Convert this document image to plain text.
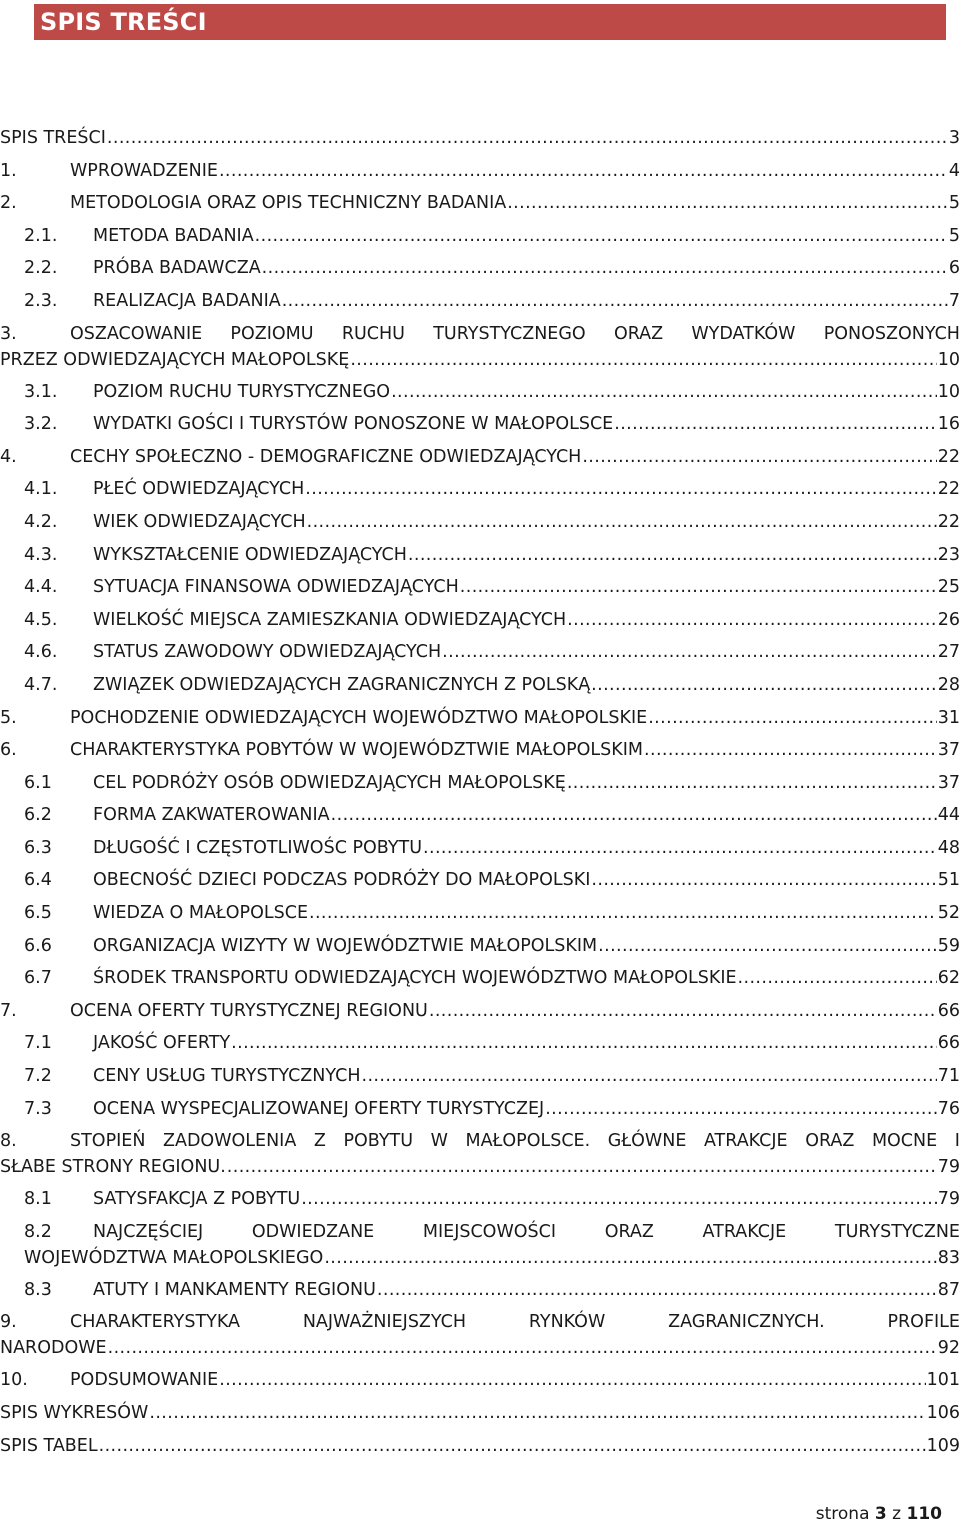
SPIS TREŚCI
SPIS TREŚCI .....	3
1.	WPROWADZENIE .....	4
2.	METODOLOGIA ORAZ OPIS TECHNICZNY BADANIA .....	5
2.1. METODA BADANIA .....	5
2.2. PRÓBA BADAWCZA .....	6
2.3. REALIZACJA BADANIA .....	7
3.	OSZACOWANIE POZIOMU RUCHU TURYSTYCZNEGO ORAZ WYDATKÓW PONOSZONYCH
PRZEZ ODWIEDZAJĄCYCH MAŁOPOLSKĘ .....	10
3.1. POZIOM RUCHU TURYSTYCZNEGO .....	10
3.2. WYDATKI GOŚCI I TURYSTÓW PONOSZONE W MAŁOPOLSCE .....	16
4.	CECHY SPOŁECZNO - DEMOGRAFICZNE ODWIEDZAJĄCYCH .....	22
4.1. PŁEĆ ODWIEDZAJĄCYCH .....	22
4.2. WIEK ODWIEDZAJĄCYCH .....	22
4.3. WYKSZTAŁCENIE ODWIEDZAJĄCYCH .....	23
4.4. SYTUACJA FINANSOWA ODWIEDZAJĄCYCH .....	25
4.5. WIELKOŚĆ MIEJSCA ZAMIESZKANIA ODWIEDZAJĄCYCH .....	26
4.6. STATUS ZAWODOWY ODWIEDZAJĄCYCH .....	27
4.7. ZWIĄZEK ODWIEDZAJĄCYCH ZAGRANICZNYCH Z POLSKĄ .....	28
5.	POCHODZENIE ODWIEDZAJĄCYCH WOJEWÓDZTWO MAŁOPOLSKIE .....	31
6.	CHARAKTERYSTYKA POBYTÓW W WOJEWÓDZTWIE MAŁOPOLSKIM .....	37
6.1 CEL PODRÓŻY OSÓB ODWIEDZAJĄCYCH MAŁOPOLSKĘ .....	37
6.2 FORMA ZAKWATEROWANIA .....	44
6.3 DŁUGOŚĆ I CZĘSTOTLIWOŚC POBYTU .....	48
6.4 OBECNOŚĆ DZIECI PODCZAS PODRÓŻY DO MAŁOPOLSKI .....	51
6.5 WIEDZA O MAŁOPOLSCE .....	52
6.6 ORGANIZACJA WIZYTY W WOJEWÓDZTWIE MAŁOPOLSKIM .....	59
6.7 ŚRODEK TRANSPORTU ODWIEDZAJĄCYCH WOJEWÓDZTWO MAŁOPOLSKIE .....	62
7.	OCENA OFERTY TURYSTYCZNEJ REGIONU .....	66
7.1 JAKOŚĆ OFERTY .....	66
7.2 CENY USŁUG TURYSTYCZNYCH .....	71
7.3 OCENA WYSPECJALIZOWANEJ OFERTY TURYSTYCZEJ .....	76
8.	STOPIEŃ ZADOWOLENIA Z POBYTU W MAŁOPOLSCE. GŁÓWNE ATRAKCJE ORAZ MOCNE I
SŁABE STRONY REGIONU. .....	79
8.1 SATYSFAKCJA Z POBYTU .....	79
8.2 NAJCZĘŚCIEJ	ODWIEDZANE	MIEJSCOWOŚCI	ORAZ	ATRAKCJE	TURYSTYCZNE
WOJEWÓDZTWA MAŁOPOLSKIEGO .....	83
8.3 ATUTY I MANKAMENTY REGIONU .....	87
9.	CHARAKTERYSTYKA	NAJWAŻNIEJSZYCH	RYNKÓW	ZAGRANICZNYCH.	PROFILE
NARODOWE .....	92
10. PODSUMOWANIE .....	101
SPIS WYKRESÓW .....	106
SPIS TABEL .....	109
strona 3 z 110
